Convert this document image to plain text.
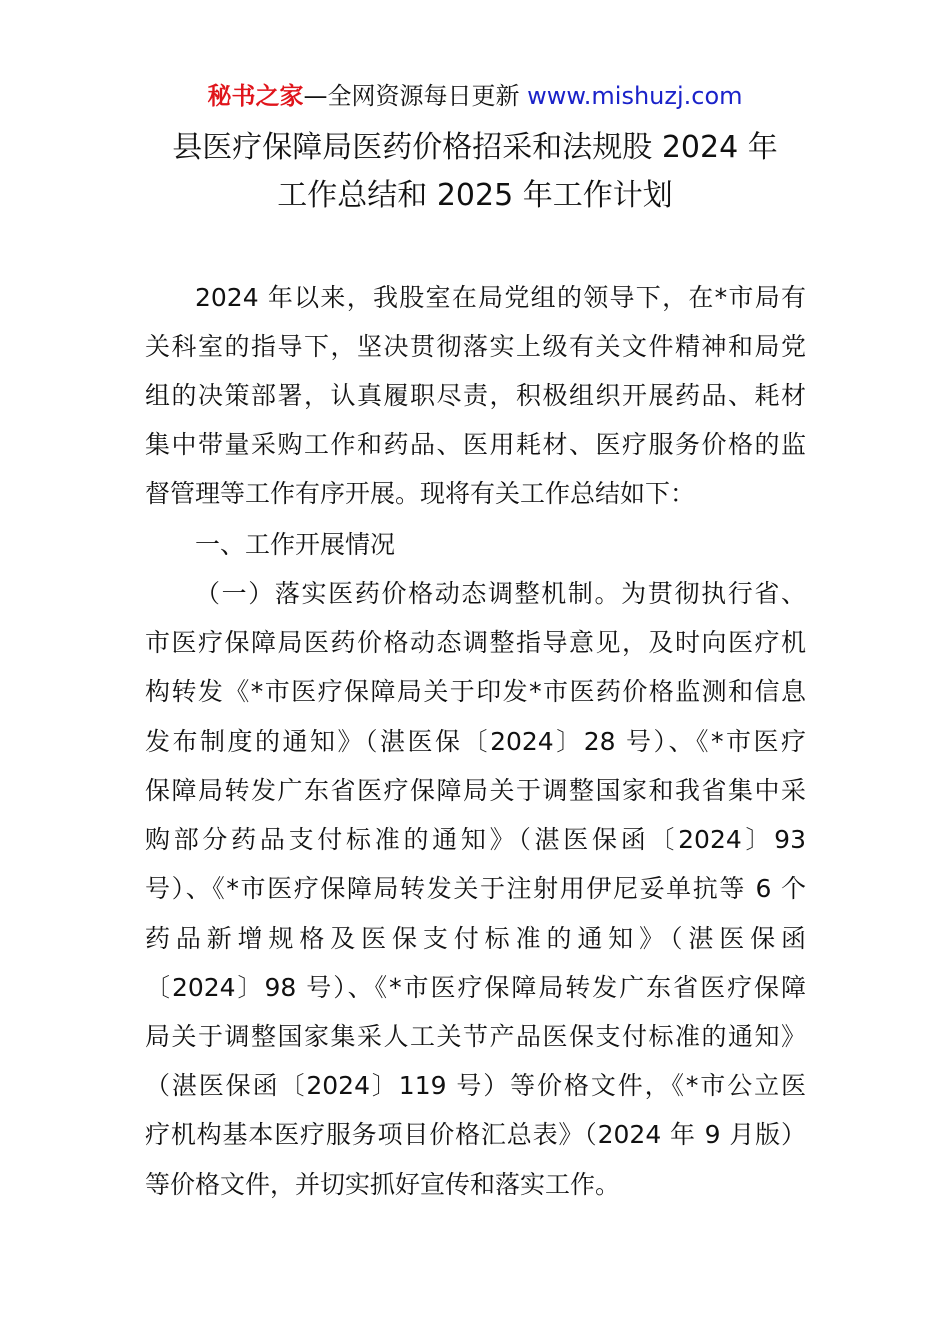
秘书之家—全网资源每日更新 www.mishuzj.com
县医疗保障局医药价格招采和法规股 2024 年
工作总结和 2025 年工作计划
2024 年以来，我股室在局党组的领导下，在*市局有
关科室的指导下，坚决贯彻落实上级有关文件精神和局党
组的决策部署，认真履职尽责，积极组织开展药品、耗材
集中带量采购工作和药品、医用耗材、医疗服务价格的监
督管理等工作有序开展。现将有关工作总结如下：
一、工作开展情况
（一）落实医药价格动态调整机制。为贯彻执行省、
市医疗保障局医药价格动态调整指导意见，及时向医疗机
构转发《*市医疗保障局关于印发*市医药价格监测和信息
发布制度的通知》（湛医保〔2024〕28 号）、《*市医疗
保障局转发广东省医疗保障局关于调整国家和我省集中采
购部分药品支付标准的通知》（湛医保函〔2024〕93
号）、《*市医疗保障局转发关于注射用伊尼妥单抗等 6 个
药品新增规格及医保支付标准的通知》（湛医保函
〔2024〕98 号）、《*市医疗保障局转发广东省医疗保障
局关于调整国家集采人工关节产品医保支付标准的通知》
（湛医保函〔2024〕119 号）等价格文件，《*市公立医
疗机构基本医疗服务项目价格汇总表》（2024 年 9 月版）
等价格文件，并切实抓好宣传和落实工作。
